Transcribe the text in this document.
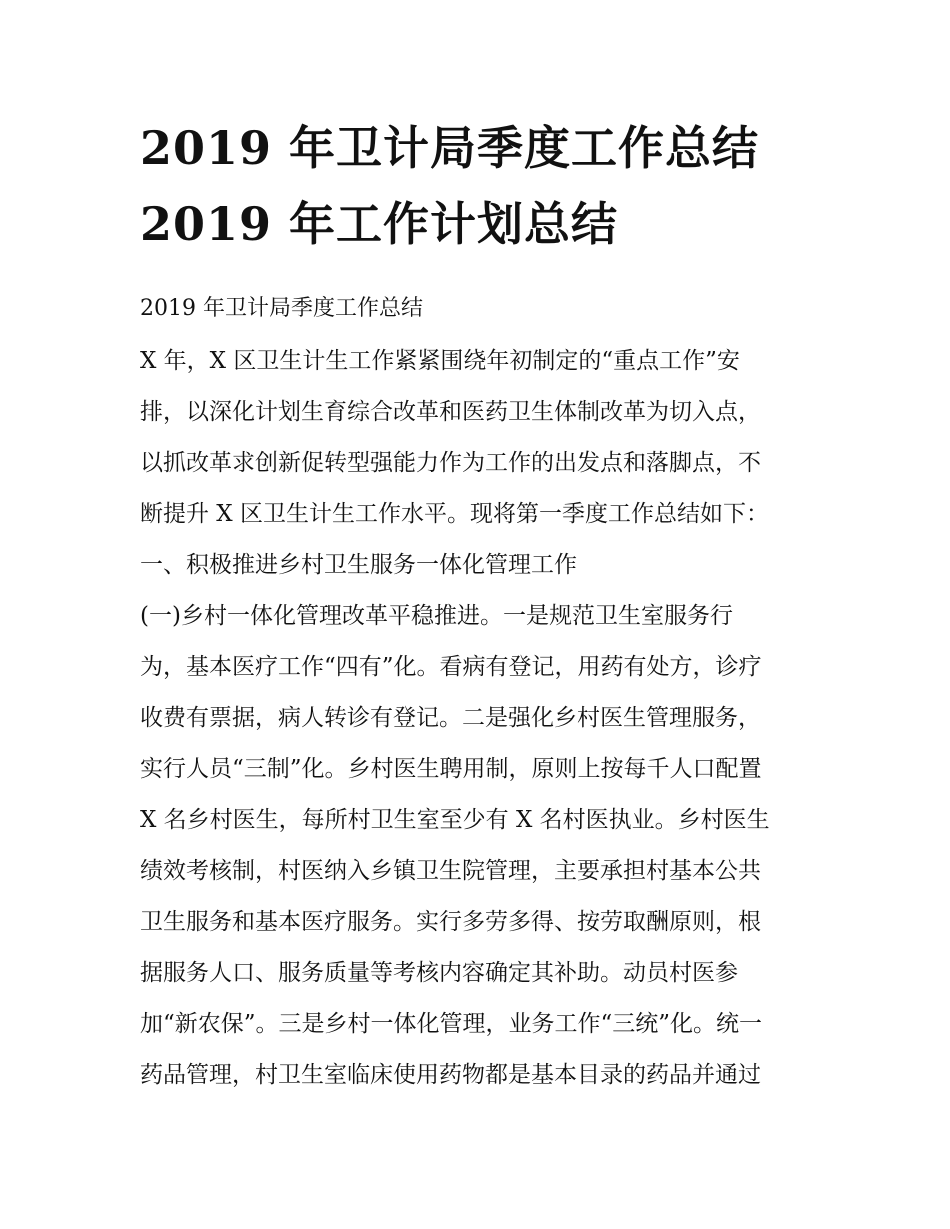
2019 年卫计局季度工作总结
2019 年工作计划总结
2019 年卫计局季度工作总结
X 年，X 区卫生计生工作紧紧围绕年初制定的“重点工作”安
排，以深化计划生育综合改革和医药卫生体制改革为切入点，
以抓改革求创新促转型强能力作为工作的出发点和落脚点，不
断提升 X 区卫生计生工作水平。现将第一季度工作总结如下：
一、积极推进乡村卫生服务一体化管理工作
(一)乡村一体化管理改革平稳推进。一是规范卫生室服务行
为，基本医疗工作“四有”化。看病有登记，用药有处方，诊疗
收费有票据，病人转诊有登记。二是强化乡村医生管理服务，
实行人员“三制”化。乡村医生聘用制，原则上按每千人口配置
X 名乡村医生，每所村卫生室至少有 X 名村医执业。乡村医生
绩效考核制，村医纳入乡镇卫生院管理，主要承担村基本公共
卫生服务和基本医疗服务。实行多劳多得、按劳取酬原则，根
据服务人口、服务质量等考核内容确定其补助。动员村医参
加“新农保”。三是乡村一体化管理，业务工作“三统”化。统一
药品管理，村卫生室临床使用药物都是基本目录的药品并通过
